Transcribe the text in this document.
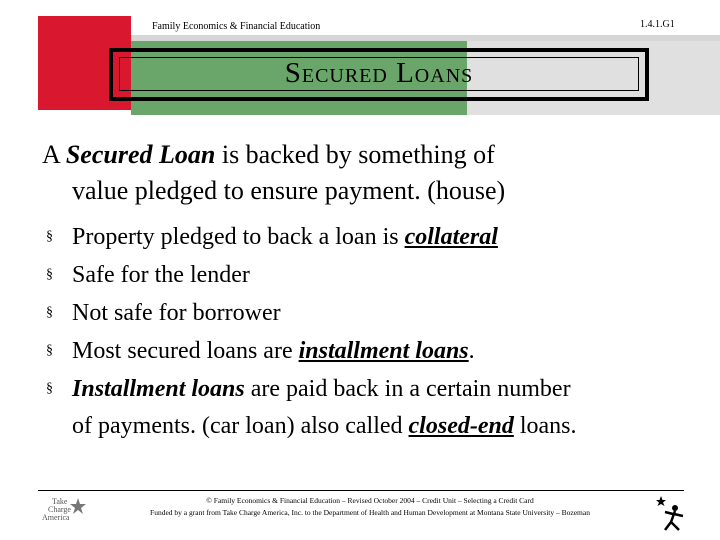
Family Economics & Financial Education	1.4.1.G1
Secured Loans
A Secured Loan is backed by something of
value pledged to ensure payment. (house)
§ Property pledged to back a loan is collateral
§ Safe for the lender
§ Not safe for borrower
§ Most secured loans are installment loans.
§ Installment loans are paid back in a certain number
of payments. (car loan) also called closed-end loans.
Take
Charge
America
© Family Economics & Financial Education – Revised October 2004 – Credit Unit – Selecting a Credit Card
Funded by a grant from Take Charge America, Inc. to the Department of Health and Human Development at Montana State University – Bozeman
